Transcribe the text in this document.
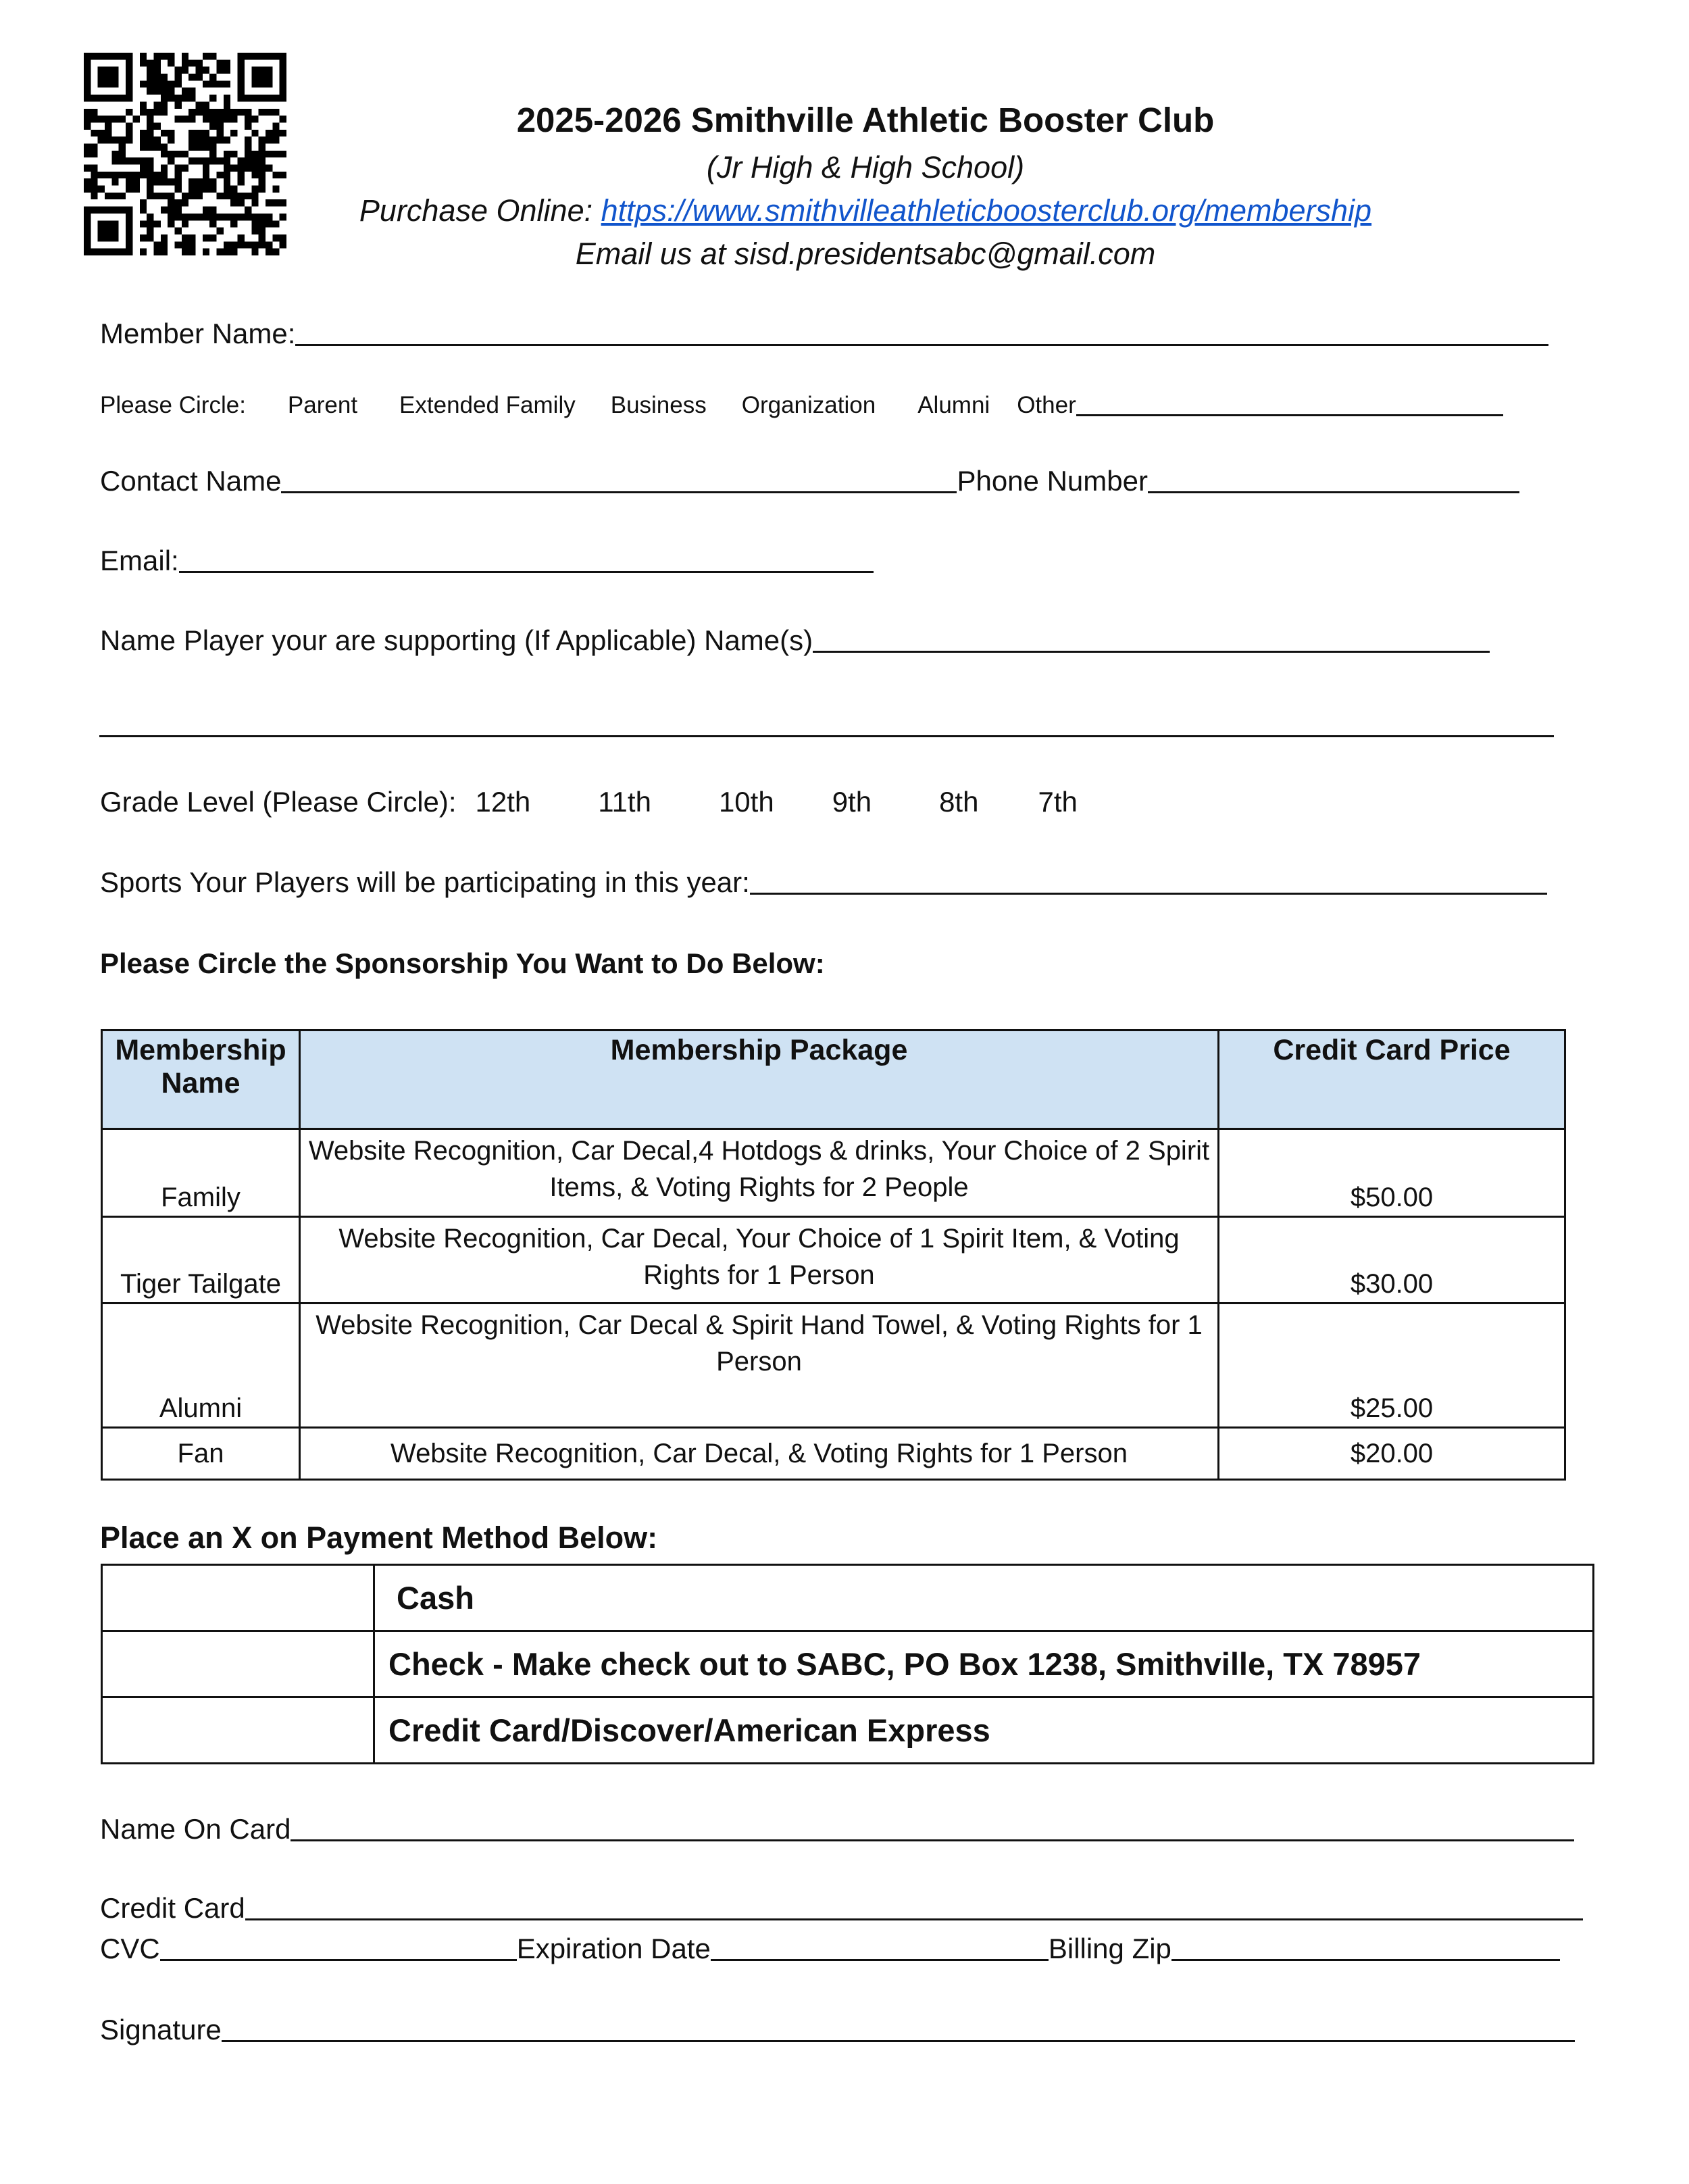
2025-2026 Smithville Athletic Booster Club
(Jr High & High School)
Purchase Online: https://www.smithvilleathleticboosterclub.org/membership
Email us at sisd.presidentsabc@gmail.com
Member Name:
Please Circle: Parent Extended Family Business Organization Alumni Other
Contact Name	Phone Number
Email:
Name Player your are supporting (If Applicable) Name(s)
Grade Level (Please Circle): 12th 11th 10th 9th 8th 7th
Sports Your Players will be participating in this year:
Please Circle the Sponsorship You Want to Do Below:
Membership Name	Membership Package	Credit Card Price
Family	Website Recognition, Car Decal,4 Hotdogs & drinks, Your Choice of 2 Spirit Items, & Voting Rights for 2 People	$50.00
Tiger Tailgate	Website Recognition, Car Decal, Your Choice of 1 Spirit Item, & Voting Rights for 1 Person	$30.00
Alumni	Website Recognition, Car Decal & Spirit Hand Towel, & Voting Rights for 1 Person	$25.00
Fan	Website Recognition, Car Decal, & Voting Rights for 1 Person	$20.00
Place an X on Payment Method Below:
	Cash
	Check - Make check out to SABC, PO Box 1238, Smithville, TX 78957
	Credit Card/Discover/American Express
Name On Card
Credit Card
CVC	Expiration Date	Billing Zip
Signature
